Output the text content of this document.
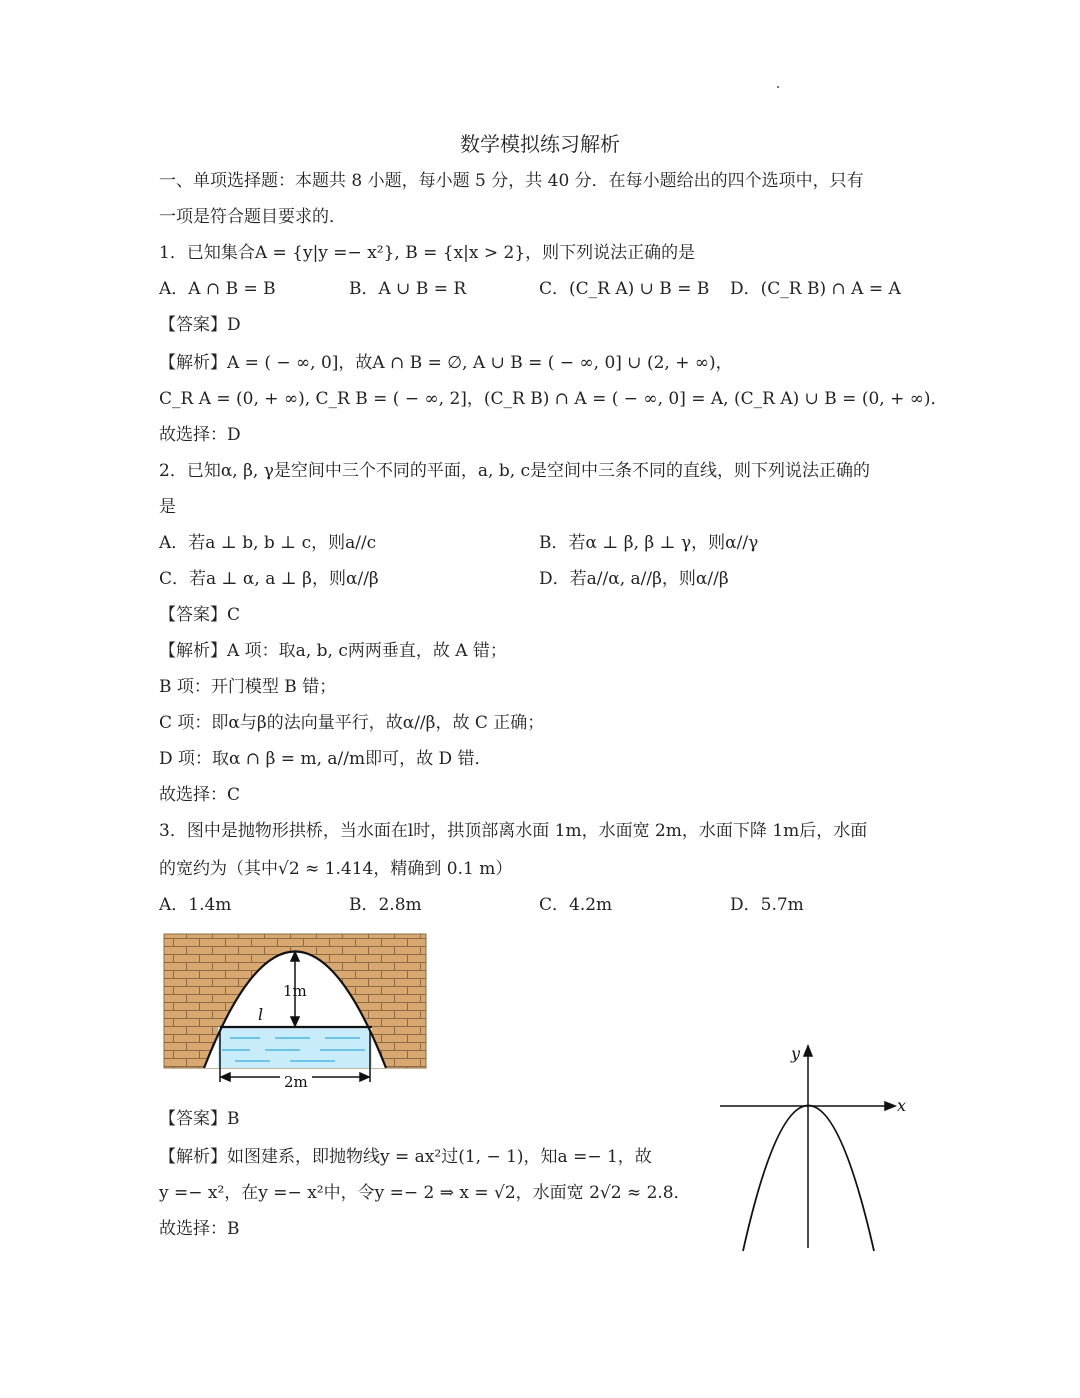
数学模拟练习解析
一、单项选择题：本题共 8 小题，每小题 5 分，共 40 分．在每小题给出的四个选项中，只有
一项是符合题目要求的．
1．已知集合A = {y|y =− x²}, B = {x|x > 2}，则下列说法正确的是
A．A ∩ B = B	B．A ∪ B = R	C．(C_R A) ∪ B = B D．(C_R B) ∩ A = A
【答案】D
【解析】A = ( − ∞, 0]，故A ∩ B = ∅, A ∪ B = ( − ∞, 0] ∪ (2, + ∞)，
C_R A = (0, + ∞), C_R B = ( − ∞, 2]，(C_R B) ∩ A = ( − ∞, 0] = A, (C_R A) ∪ B = (0, + ∞)．
故选择：D
2．已知α, β, γ是空间中三个不同的平面，a, b, c是空间中三条不同的直线，则下列说法正确的
是
A．若a ⊥ b, b ⊥ c，则a//c	B．若α ⊥ β, β ⊥ γ，则α//γ
C．若a ⊥ α, a ⊥ β，则α//β	D．若a//α, a//β，则α//β
【答案】C
【解析】A 项：取a, b, c两两垂直，故 A 错；
B 项：开门模型 B 错；
C 项：即α与β的法向量平行，故α//β，故 C 正确；
D 项：取α ∩ β = m, a//m即可，故 D 错．
故选择：C
3．图中是抛物形拱桥，当水面在l时，拱顶部离水面 1m，水面宽 2m，水面下降 1m后，水面
的宽约为（其中√2 ≈ 1.414，精确到 0.1 m）
A．1.4m	B．2.8m	C．4.2m	D．5.7m
1m
l
2m
【答案】B
【解析】如图建系，即抛物线y = ax²过(1, − 1)，知a =− 1，故
y =− x²，在y =− x²中，令y =− 2 ⇒ x = √2，水面宽 2√2 ≈ 2.8．
故选择：B
x
y
